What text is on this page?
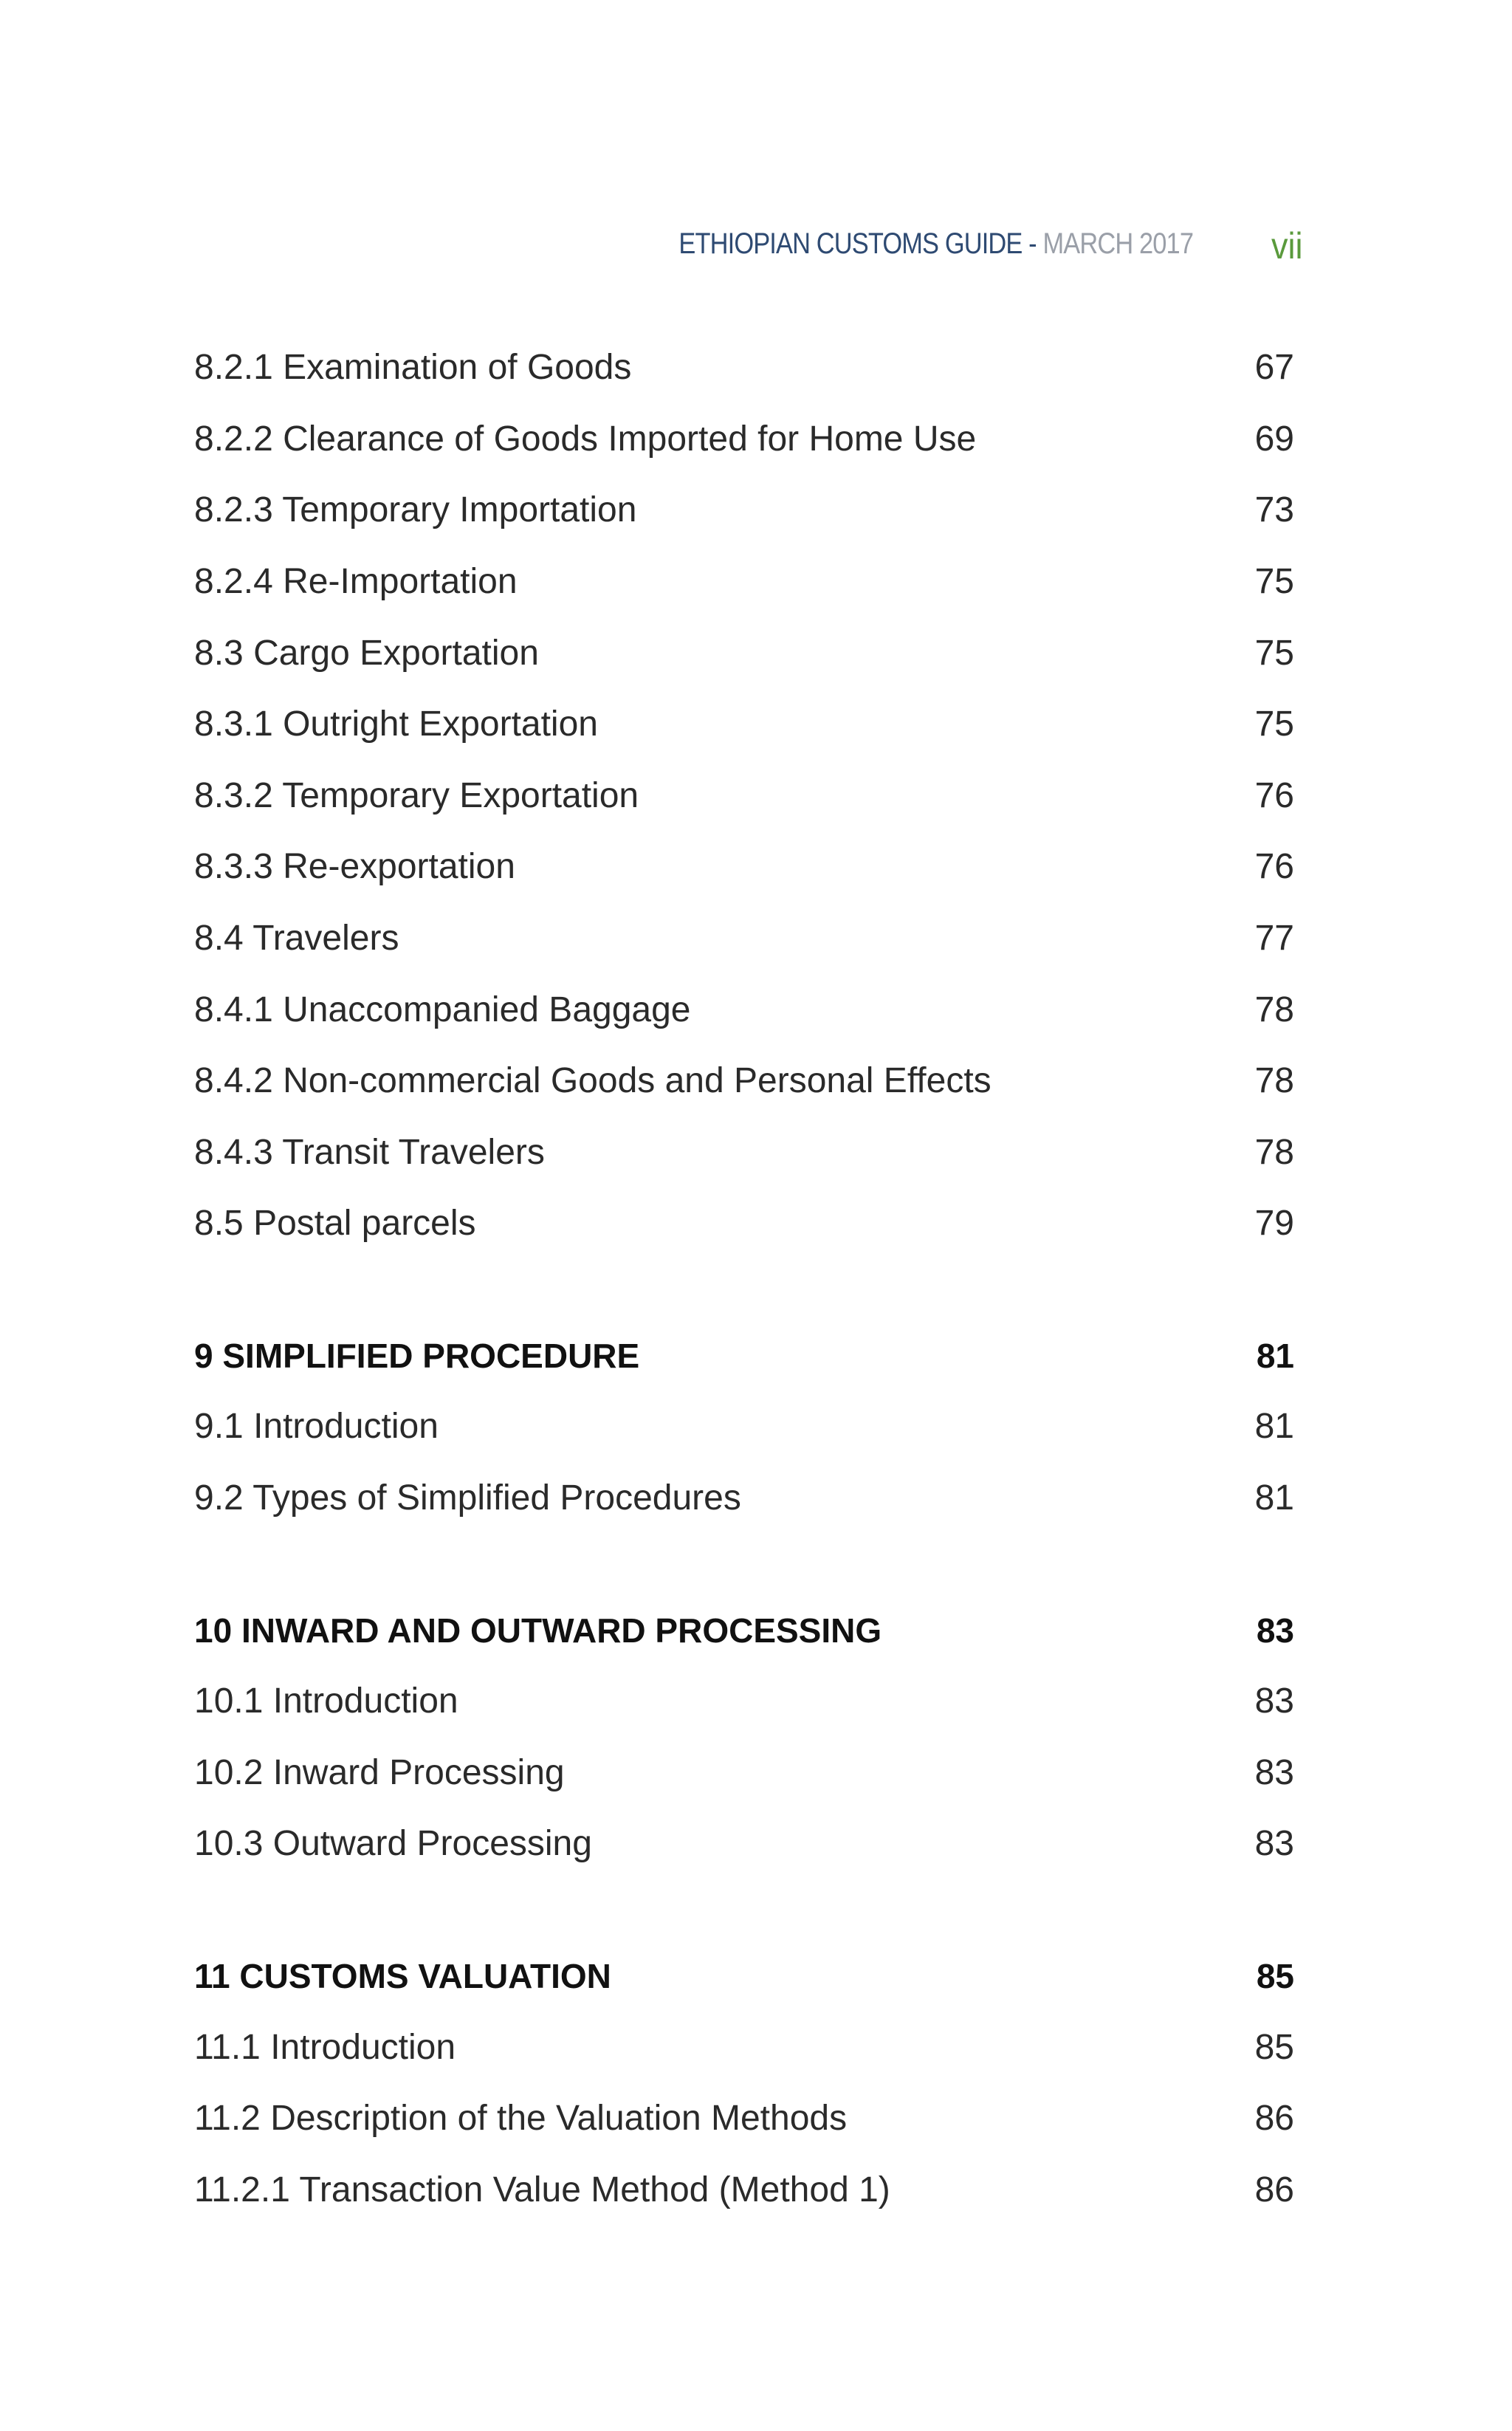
ETHIOPIAN CUSTOMS GUIDE - MARCH 2017 vii
8.2.1 Examination of Goods	67
8.2.2 Clearance of Goods Imported for Home Use	69
8.2.3 Temporary Importation	73
8.2.4 Re-Importation	75
8.3 Cargo Exportation	75
8.3.1 Outright Exportation	75
8.3.2 Temporary Exportation	76
8.3.3 Re-exportation	76
8.4 Travelers	77
8.4.1 Unaccompanied Baggage	78
8.4.2 Non-commercial Goods and Personal Effects	78
8.4.3 Transit Travelers	78
8.5 Postal parcels	79
9 SIMPLIFIED PROCEDURE	81
9.1 Introduction	81
9.2 Types of Simplified Procedures	81
10 INWARD AND OUTWARD PROCESSING	83
10.1 Introduction	83
10.2 Inward Processing	83
10.3 Outward Processing	83
11 CUSTOMS VALUATION	85
11.1 Introduction	85
11.2 Description of the Valuation Methods	86
11.2.1 Transaction Value Method (Method 1)	86
